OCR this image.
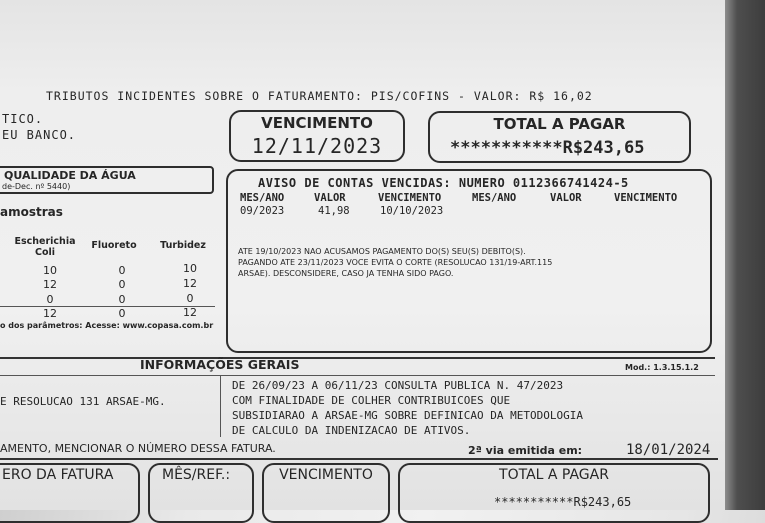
TRIBUTOS INCIDENTES SOBRE O FATURAMENTO: PIS/COFINS - VALOR: R$ 16,02
TICO.
EU BANCO.
VENCIMENTO
12/11/2023
TOTAL A PAGAR
***********R$243,65
QUALIDADE DA ÁGUA
de-Dec. nº 5440)
amostras
Escherichia Coli
Fluoreto	Turbidez
10	0	10
12	0	12
0	0	0
12	0	12
o dos parâmetros: Acesse: www.copasa.com.br
AVISO DE CONTAS VENCIDAS: NUMERO 0112366741424-5
MES/ANO	VALOR	VENCIMENTO	MES/ANO	VALOR	VENCIMENTO
09/2023	41,98	10/10/2023
ATE 19/10/2023 NAO ACUSAMOS PAGAMENTO DO(S) SEU(S) DEBITO(S).
PAGANDO ATE 23/11/2023 VOCE EVITA O CORTE (RESOLUCAO 131/19-ART.115
ARSAE). DESCONSIDERE, CASO JA TENHA SIDO PAGO.
INFORMAÇÕES GERAIS	Mod.: 1.3.15.1.2
E RESOLUCAO 131 ARSAE-MG.
DE 26/09/23 A 06/11/23 CONSULTA PUBLICA N. 47/2023
COM FINALIDADE DE COLHER CONTRIBUICOES QUE
SUBSIDIARAO A ARSAE-MG SOBRE DEFINICAO DA METODOLOGIA
DE CALCULO DA INDENIZACAO DE ATIVOS.
AMENTO, MENCIONAR O NÚMERO DESSA FATURA.	2ª via emitida em:	18/01/2024
ERO DA FATURA	MÊS/REF.:	VENCIMENTO	TOTAL A PAGAR
***********R$243,65
